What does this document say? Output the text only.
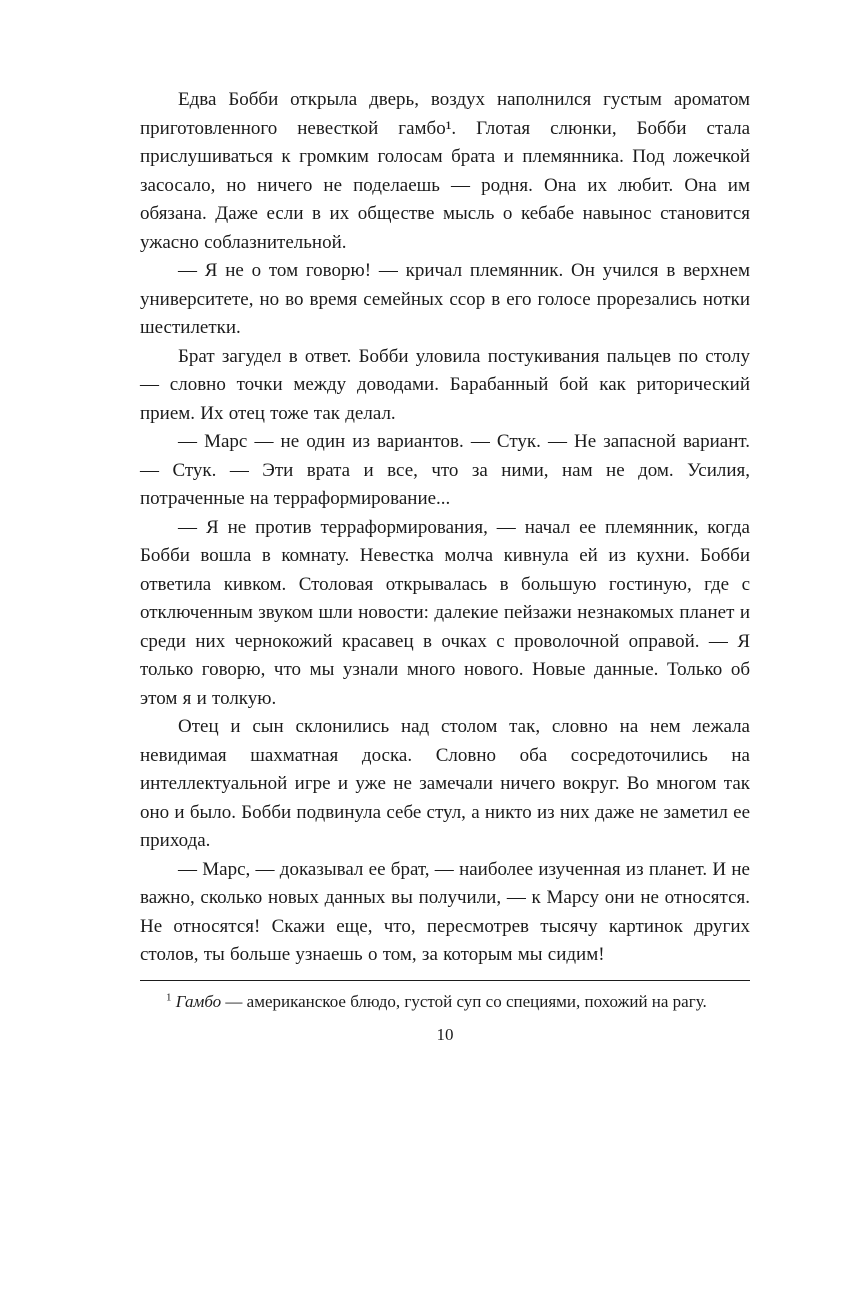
Едва Бобби открыла дверь, воздух наполнился густым ароматом приготовленного невесткой гамбо¹. Глотая слюнки, Бобби стала прислушиваться к громким голосам брата и племянника. Под ложечкой засосало, но ничего не поделаешь — родня. Она их любит. Она им обязана. Даже если в их обществе мысль о кебабе навынос становится ужасно соблазнительной.

— Я не о том говорю! — кричал племянник. Он учился в верхнем университете, но во время семейных ссор в его голосе прорезались нотки шестилетки.

Брат загудел в ответ. Бобби уловила постукивания пальцев по столу — словно точки между доводами. Барабанный бой как риторический прием. Их отец тоже так делал.

— Марс — не один из вариантов. — Стук. — Не запасной вариант. — Стук. — Эти врата и все, что за ними, нам не дом. Усилия, потраченные на терраформирование...

— Я не против терраформирования, — начал ее племянник, когда Бобби вошла в комнату. Невестка молча кивнула ей из кухни. Бобби ответила кивком. Столовая открывалась в большую гостиную, где с отключенным звуком шли новости: далекие пейзажи незнакомых планет и среди них чернокожий красавец в очках с проволочной оправой. — Я только говорю, что мы узнали много нового. Новые данные. Только об этом я и толкую.

Отец и сын склонились над столом так, словно на нем лежала невидимая шахматная доска. Словно оба сосредоточились на интеллектуальной игре и уже не замечали ничего вокруг. Во многом так оно и было. Бобби подвинула себе стул, а никто из них даже не заметил ее прихода.

— Марс, — доказывал ее брат, — наиболее изученная из планет. И не важно, сколько новых данных вы получили, — к Марсу они не относятся. Не относятся! Скажи еще, что, пересмотрев тысячу картинок других столов, ты больше узнаешь о том, за которым мы сидим!

$^1$ Гамбо — американское блюдо, густой суп со специями, похожий на рагу.

10
